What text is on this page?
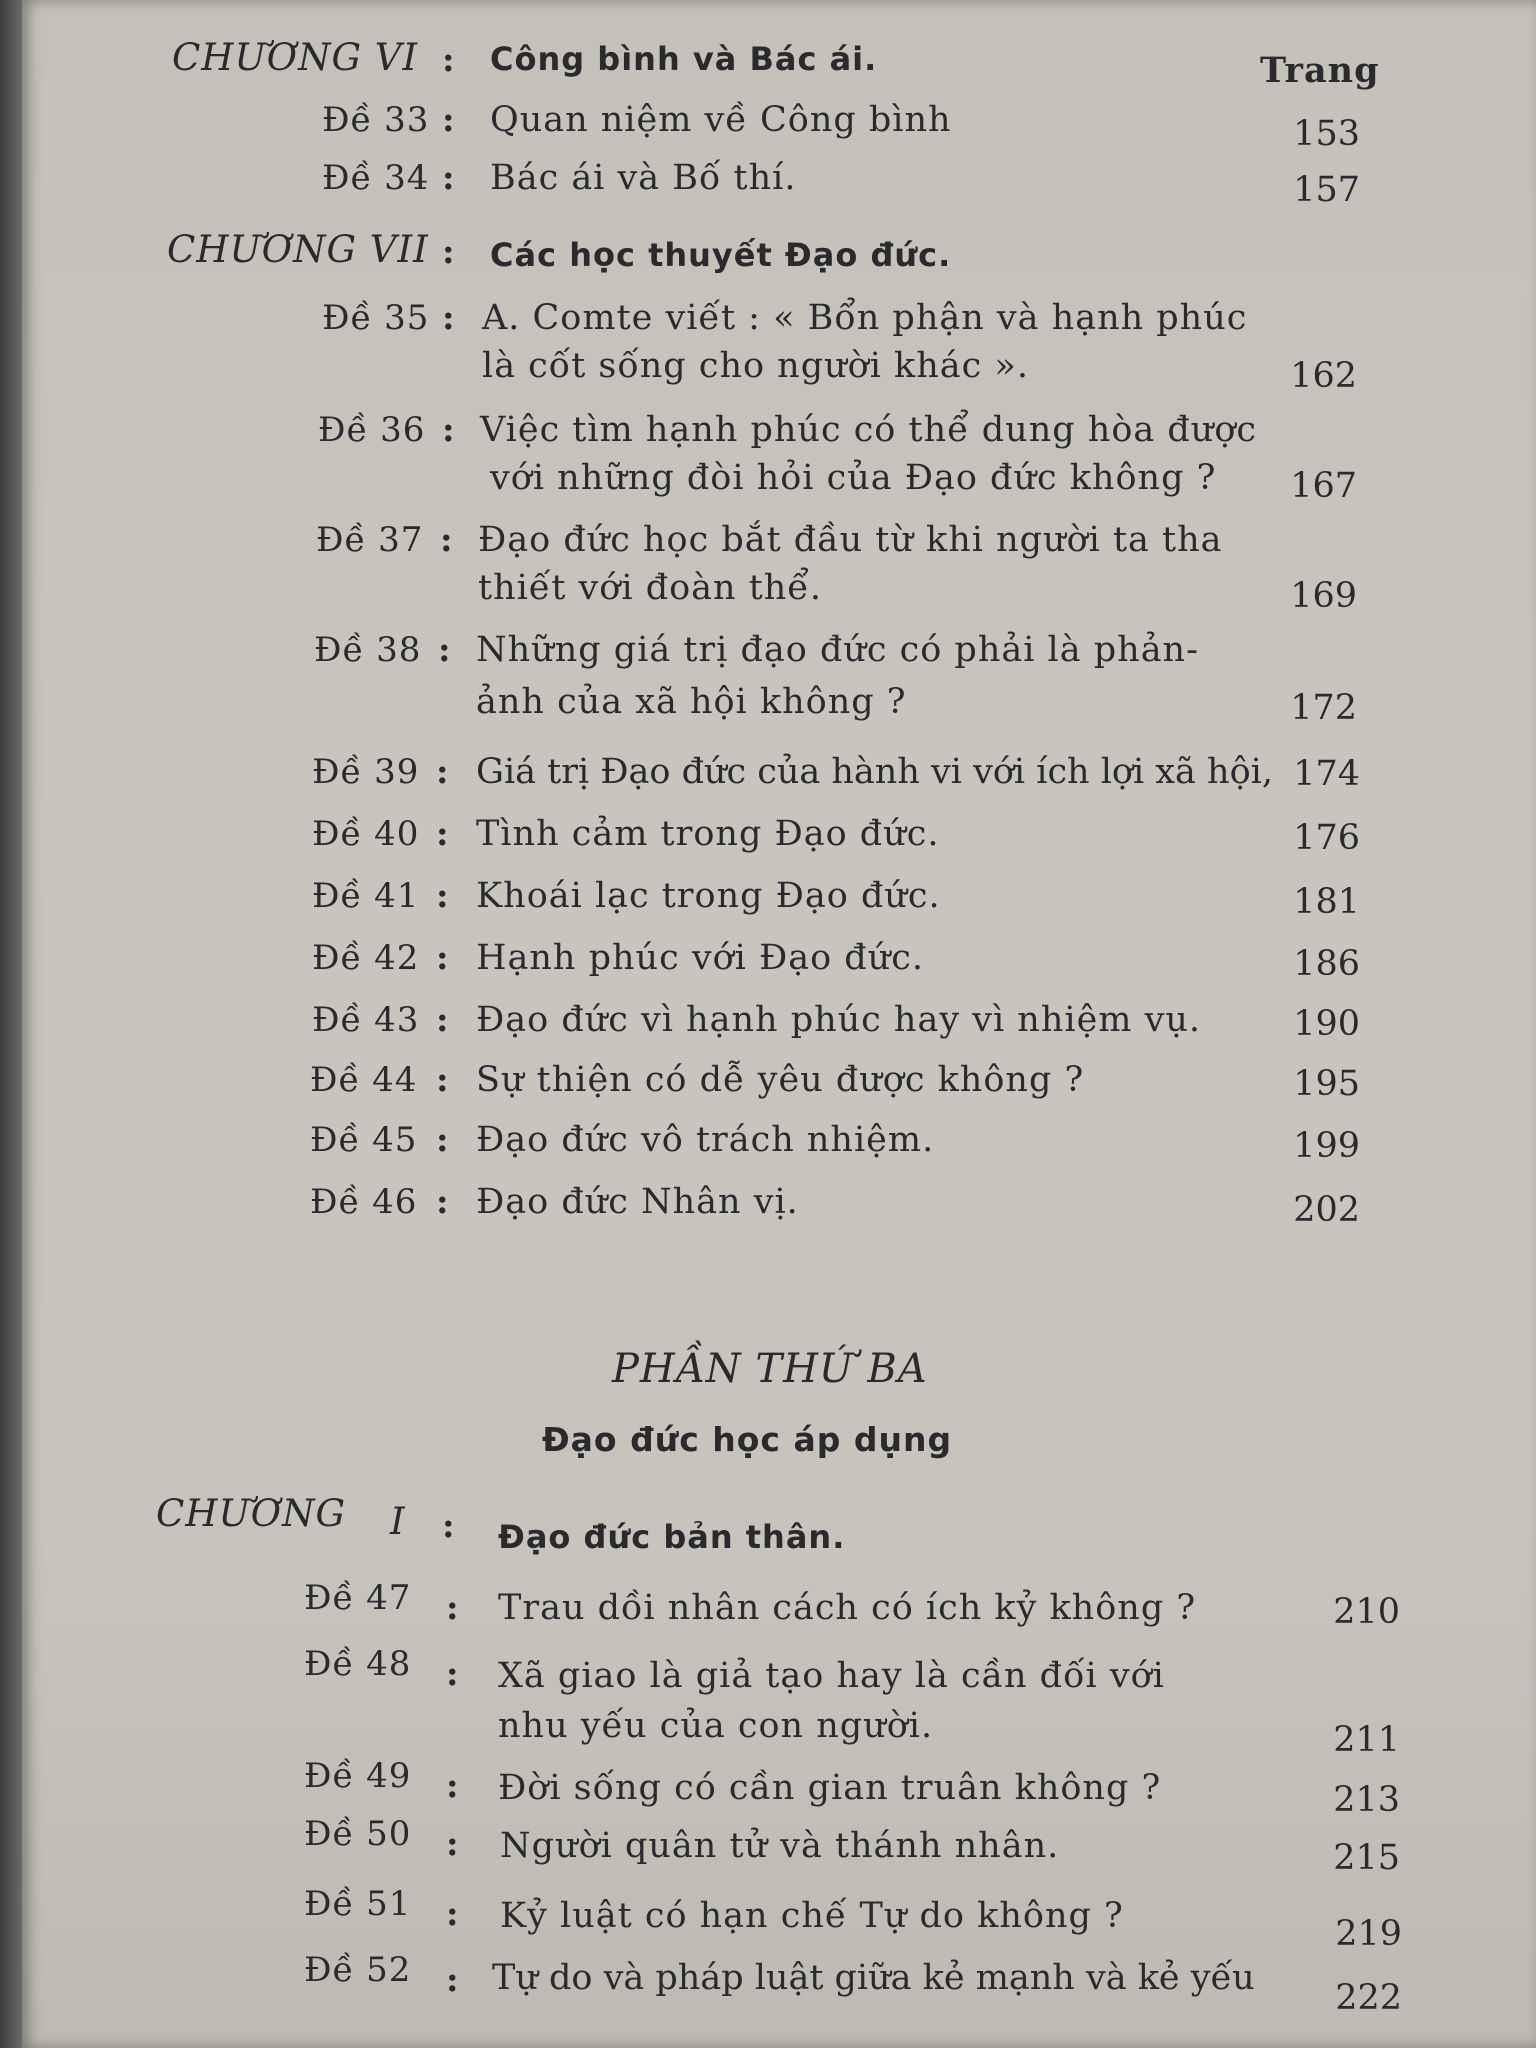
CHƯƠNG VI : Công bình và Bác ái.	Trang
Đề 33 : Quan niệm về Công bình	153
Đề 34 : Bác ái và Bố thí.	157
CHƯƠNG VII : Các học thuyết Đạo đức.
Đề 35 : A. Comte viết : « Bổn phận và hạnh phúc
là cốt sống cho người khác ».	162
Đề 36 : Việc tìm hạnh phúc có thể dung hòa được
với những đòi hỏi của Đạo đức không ?	167
Đề 37 : Đạo đức học bắt đầu từ khi người ta tha
thiết với đoàn thể.	169
Đề 38 : Những giá trị đạo đức có phải là phản-
ảnh của xã hội không ?	172
Đề 39 : Giá trị Đạo đức của hành vi với ích lợi xã hội, 174
Đề 40 : Tình cảm trong Đạo đức.	176
Đề 41 : Khoái lạc trong Đạo đức.	181
Đề 42 : Hạnh phúc với Đạo đức.	186
Đề 43 : Đạo đức vì hạnh phúc hay vì nhiệm vụ.	190
Đề 44 : Sự thiện có dễ yêu được không ?	195
Đề 45 : Đạo đức vô trách nhiệm.	199
Đề 46 : Đạo đức Nhân vị.	202
PHẦN THỨ BA
Đạo đức học áp dụng
CHƯƠNG I : Đạo đức bản thân.
Đề 47 : Trau dồi nhân cách có ích kỷ không ?	210
Đề 48 : Xã giao là giả tạo hay là cần đối với
nhu yếu của con người.	211
Đề 49 : Đời sống có cần gian truân không ?	213
Đề 50 : Người quân tử và thánh nhân.	215
Đề 51 : Kỷ luật có hạn chế Tự do không ?	219
Đề 52 : Tự do và pháp luật giữa kẻ mạnh và kẻ yếu	222
